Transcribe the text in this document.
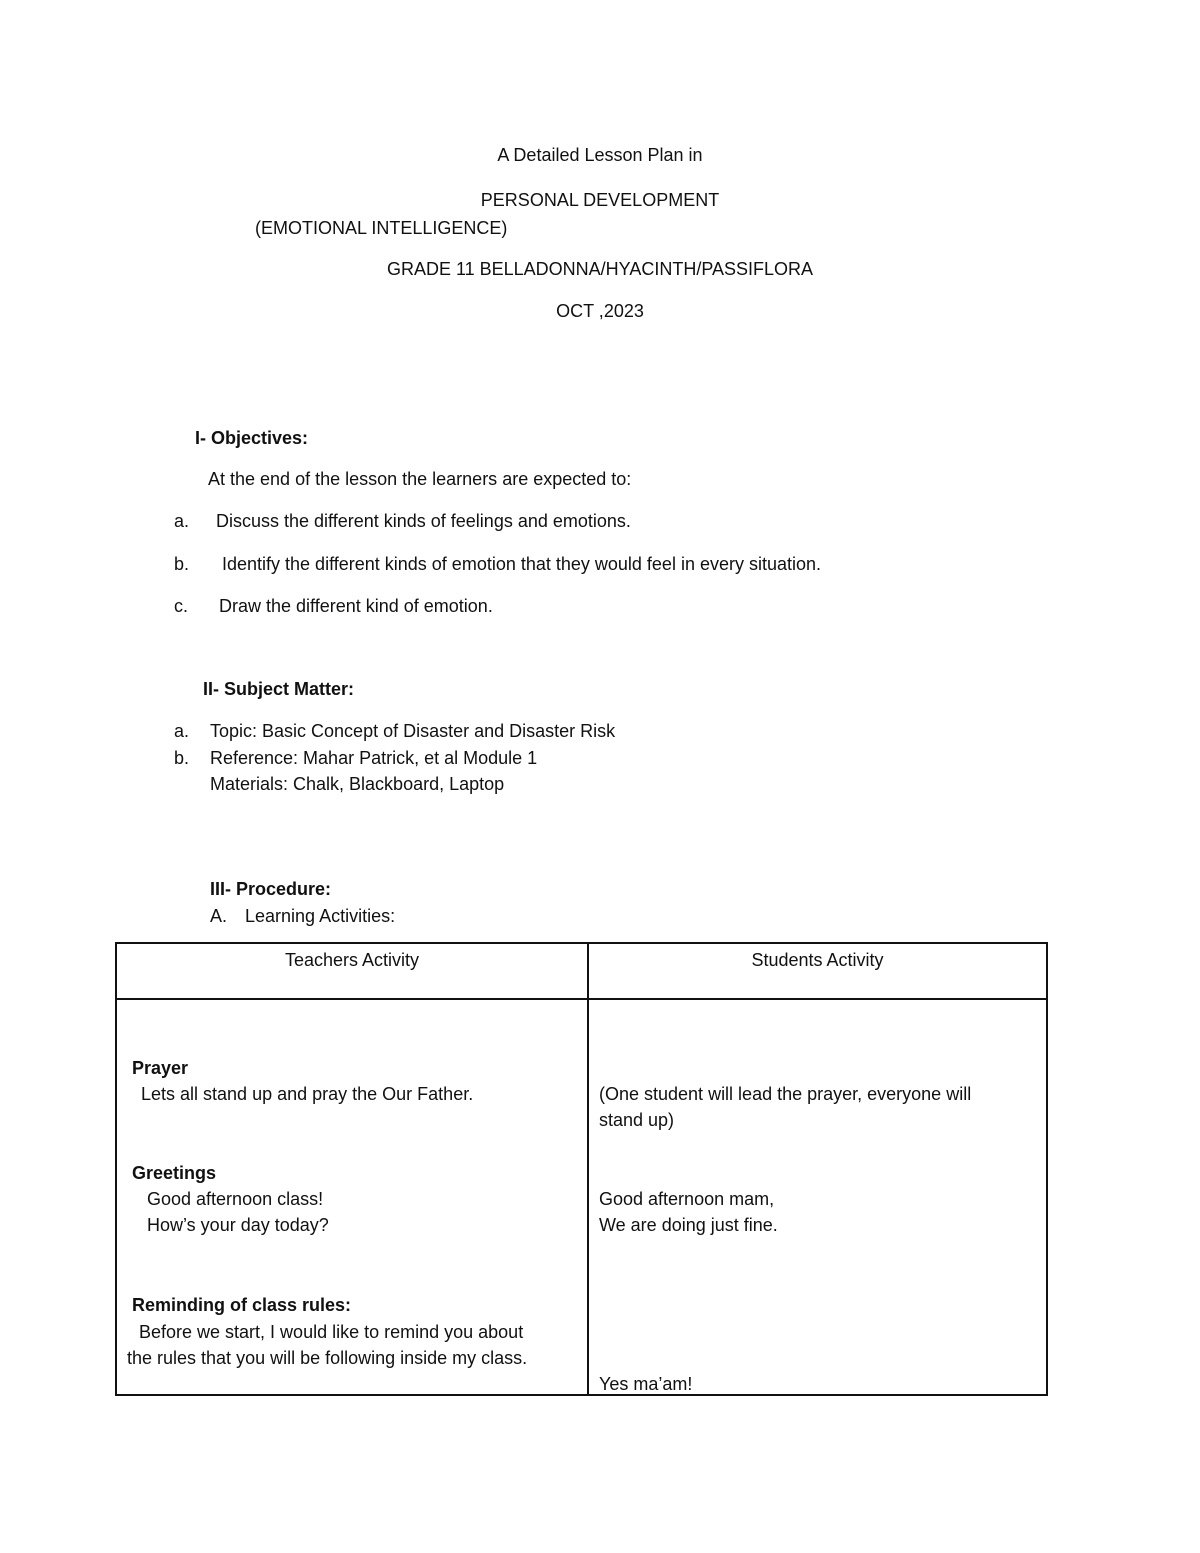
A Detailed Lesson Plan in
PERSONAL DEVELOPMENT
(EMOTIONAL INTELLIGENCE)
GRADE 11 BELLADONNA/HYACINTH/PASSIFLORA
OCT ,2023
I- Objectives:
At the end of the lesson the learners are expected to:
a. Discuss the different kinds of feelings and emotions.
b. Identify the different kinds of emotion that they would feel in every situation.
c. Draw the different kind of emotion.
II- Subject Matter:
a. Topic: Basic Concept of Disaster and Disaster Risk
b. Reference: Mahar Patrick, et al Module 1
Materials: Chalk, Blackboard, Laptop
III- Procedure:
A. Learning Activities:
Teachers Activity	Students Activity
Prayer
Lets all stand up and pray the Our Father.	(One student will lead the prayer, everyone will
stand up)
Greetings
Good afternoon class!
How’s your day today?
Good afternoon mam,
We are doing just fine.
Reminding of class rules:
Before we start, I would like to remind you about
the rules that you will be following inside my class.
Yes ma’am!
